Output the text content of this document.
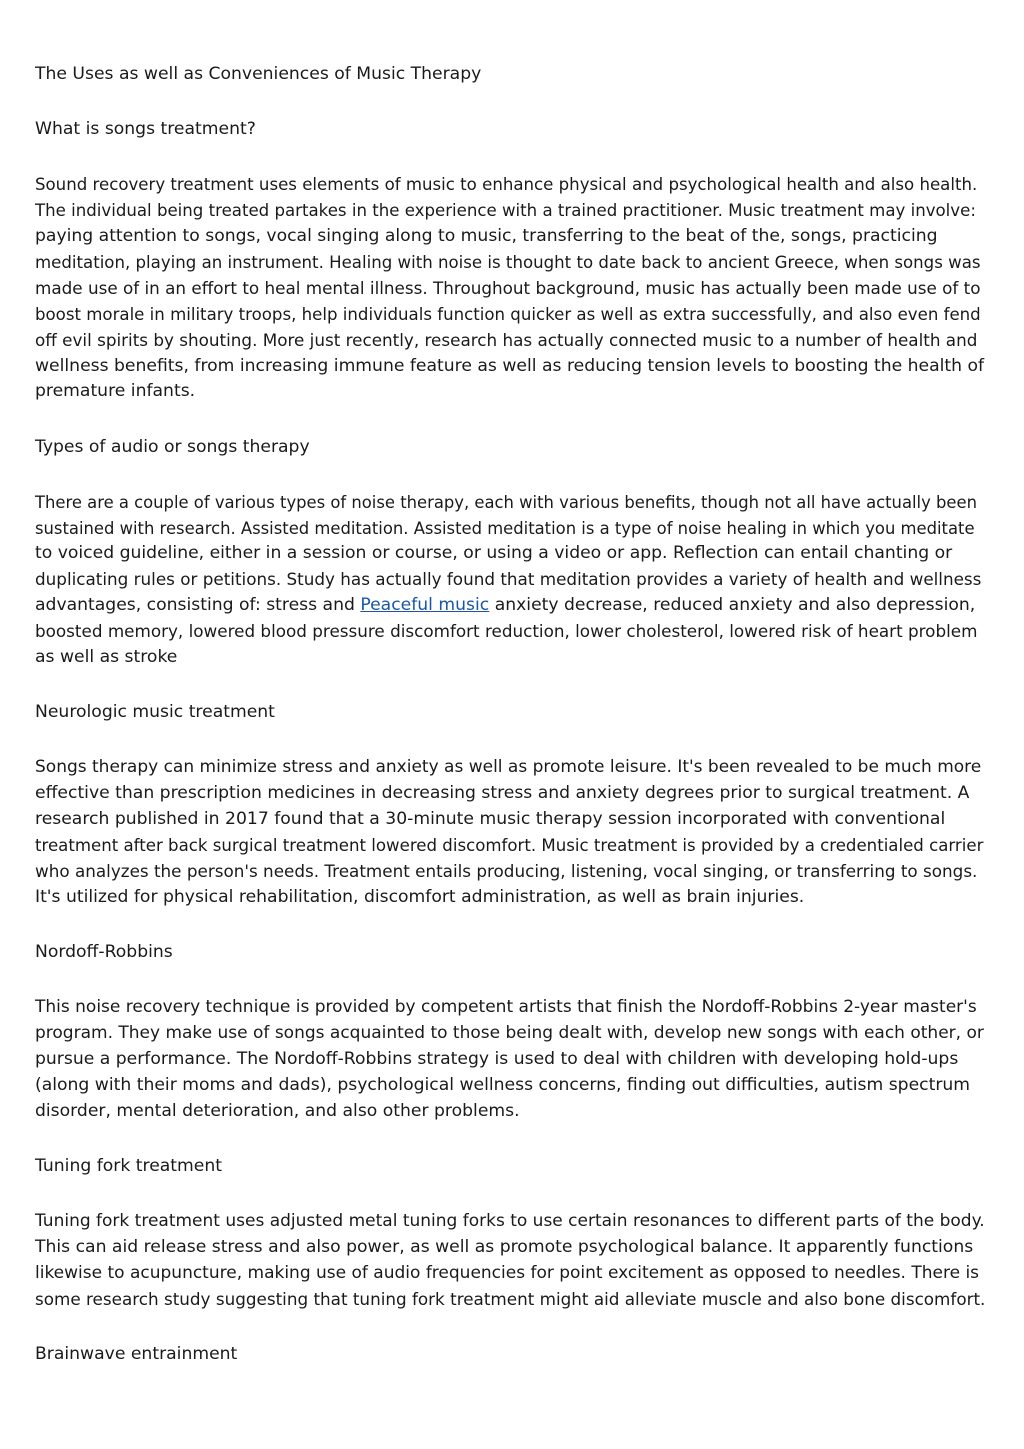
The Uses as well as Conveniences of Music Therapy

What is songs treatment?

Sound recovery treatment uses elements of music to enhance physical and psychological health and also health.

The individual being treated partakes in the experience with a trained practitioner. Music treatment may involve:

paying attention to songs, vocal singing along to music, transferring to the beat of the, songs, practicing

meditation, playing an instrument. Healing with noise is thought to date back to ancient Greece, when songs was

made use of in an effort to heal mental illness. Throughout background, music has actually been made use of to

boost morale in military troops, help individuals function quicker as well as extra successfully, and also even fend

off evil spirits by shouting. More just recently, research has actually connected music to a number of health and

wellness benefits, from increasing immune feature as well as reducing tension levels to boosting the health of

premature infants.

Types of audio or songs therapy

There are a couple of various types of noise therapy, each with various benefits, though not all have actually been

sustained with research. Assisted meditation. Assisted meditation is a type of noise healing in which you meditate

to voiced guideline, either in a session or course, or using a video or app. Reflection can entail chanting or

duplicating rules or petitions. Study has actually found that meditation provides a variety of health and wellness

advantages, consisting of: stress and Peaceful music anxiety decrease, reduced anxiety and also depression,

boosted memory, lowered blood pressure discomfort reduction, lower cholesterol, lowered risk of heart problem

as well as stroke

Neurologic music treatment

Songs therapy can minimize stress and anxiety as well as promote leisure. It's been revealed to be much more

effective than prescription medicines in decreasing stress and anxiety degrees prior to surgical treatment. A

research published in 2017 found that a 30-minute music therapy session incorporated with conventional

treatment after back surgical treatment lowered discomfort. Music treatment is provided by a credentialed carrier

who analyzes the person's needs. Treatment entails producing, listening, vocal singing, or transferring to songs.

It's utilized for physical rehabilitation, discomfort administration, as well as brain injuries.

Nordoff-Robbins

This noise recovery technique is provided by competent artists that finish the Nordoff-Robbins 2-year master's

program. They make use of songs acquainted to those being dealt with, develop new songs with each other, or

pursue a performance. The Nordoff-Robbins strategy is used to deal with children with developing hold-ups

(along with their moms and dads), psychological wellness concerns, finding out difficulties, autism spectrum

disorder, mental deterioration, and also other problems.

Tuning fork treatment

Tuning fork treatment uses adjusted metal tuning forks to use certain resonances to different parts of the body.

This can aid release stress and also power, as well as promote psychological balance. It apparently functions

likewise to acupuncture, making use of audio frequencies for point excitement as opposed to needles. There is

some research study suggesting that tuning fork treatment might aid alleviate muscle and also bone discomfort.

Brainwave entrainment
